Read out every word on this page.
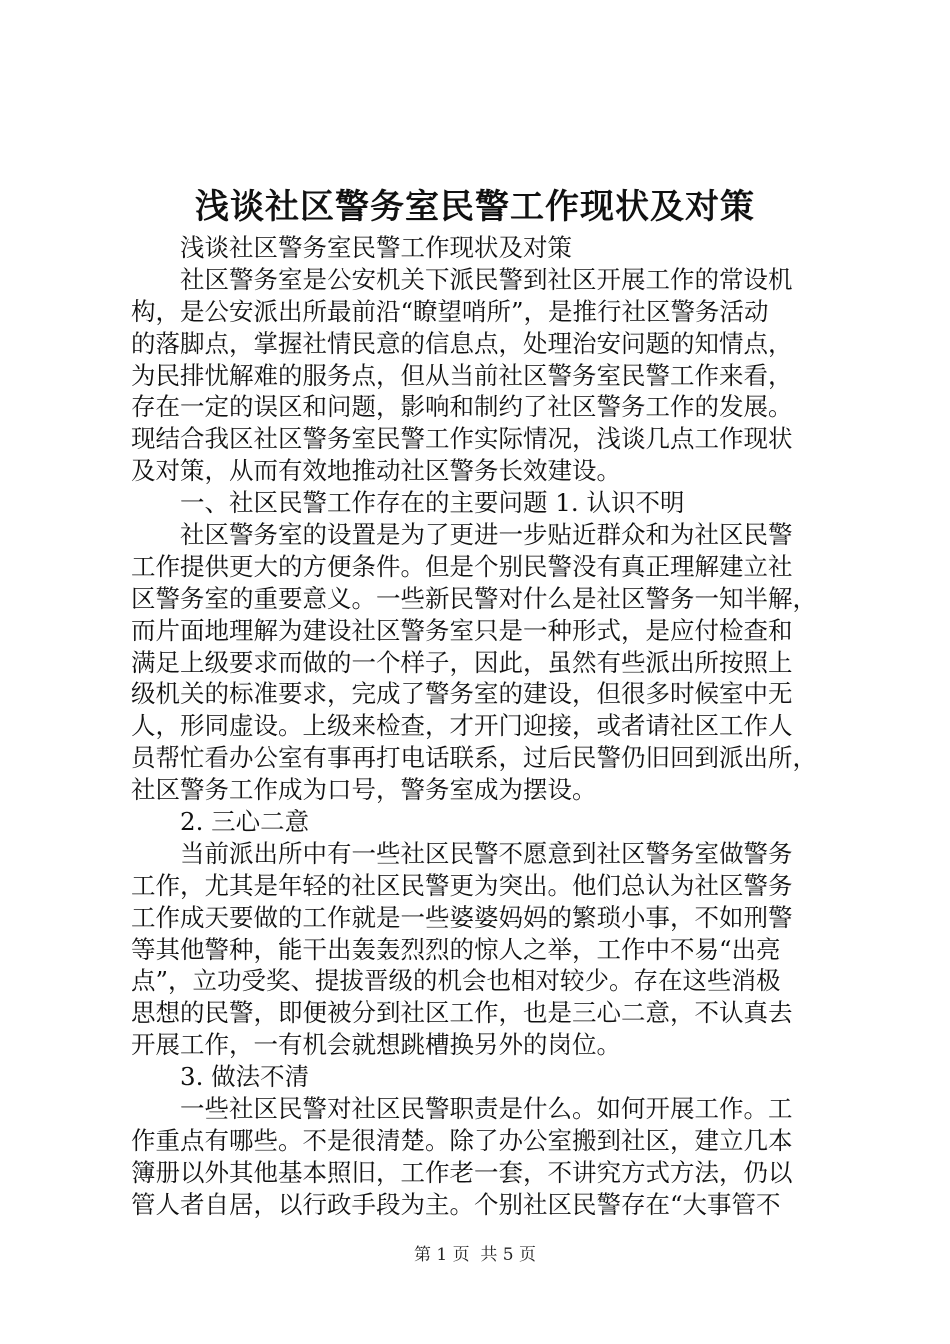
浅谈社区警务室民警工作现状及对策
浅谈社区警务室民警工作现状及对策
社区警务室是公安机关下派民警到社区开展工作的常设机
构，是公安派出所最前沿“瞭望哨所”，是推行社区警务活动
的落脚点，掌握社情民意的信息点，处理治安问题的知情点，
为民排忧解难的服务点，但从当前社区警务室民警工作来看，
存在一定的误区和问题，影响和制约了社区警务工作的发展。
现结合我区社区警务室民警工作实际情况，浅谈几点工作现状
及对策，从而有效地推动社区警务长效建设。
一、社区民警工作存在的主要问题 1. 认识不明
社区警务室的设置是为了更进一步贴近群众和为社区民警
工作提供更大的方便条件。但是个别民警没有真正理解建立社
区警务室的重要意义。一些新民警对什么是社区警务一知半解，
而片面地理解为建设社区警务室只是一种形式，是应付检查和
满足上级要求而做的一个样子，因此，虽然有些派出所按照上
级机关的标准要求，完成了警务室的建设，但很多时候室中无
人，形同虚设。上级来检查，才开门迎接，或者请社区工作人
员帮忙看办公室有事再打电话联系，过后民警仍旧回到派出所，
社区警务工作成为口号，警务室成为摆设。
2. 三心二意
当前派出所中有一些社区民警不愿意到社区警务室做警务
工作，尤其是年轻的社区民警更为突出。他们总认为社区警务
工作成天要做的工作就是一些婆婆妈妈的繁琐小事，不如刑警
等其他警种，能干出轰轰烈烈的惊人之举，工作中不易“出亮
点”，立功受奖、提拔晋级的机会也相对较少。存在这些消极
思想的民警，即便被分到社区工作，也是三心二意，不认真去
开展工作，一有机会就想跳槽换另外的岗位。
3. 做法不清
一些社区民警对社区民警职责是什么。如何开展工作。工
作重点有哪些。不是很清楚。除了办公室搬到社区，建立几本
簿册以外其他基本照旧，工作老一套，不讲究方式方法，仍以
管人者自居，以行政手段为主。个别社区民警存在“大事管不
第 1 页 共 5 页
